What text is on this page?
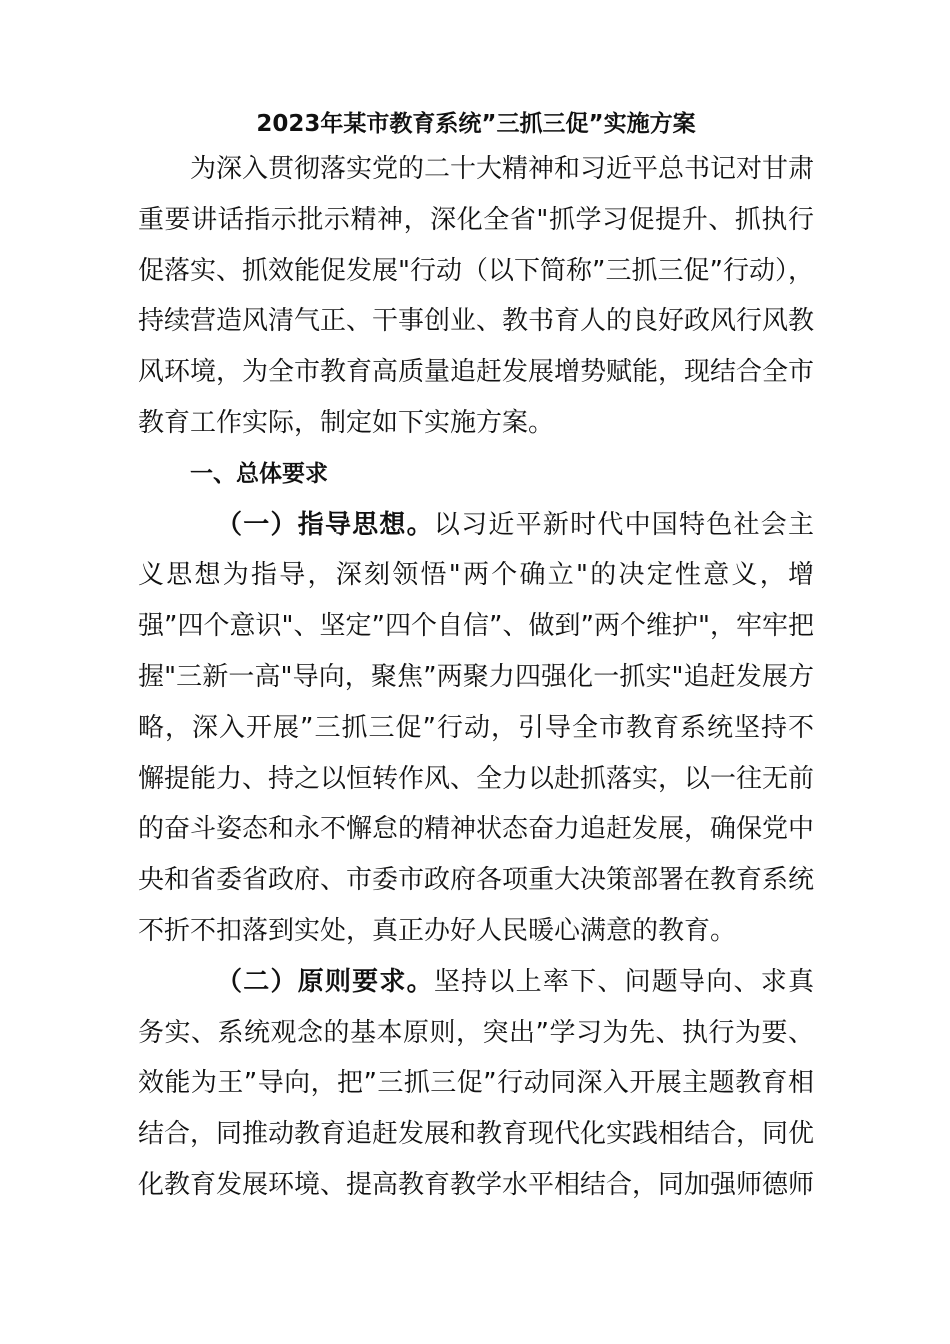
2023年某市教育系统”三抓三促”实施方案

为深入贯彻落实党的二十大精神和习近平总书记对甘肃重要讲话指示批示精神，深化全省"抓学习促提升、抓执行促落实、抓效能促发展"行动（以下简称”三抓三促”行动），持续营造风清气正、干事创业、教书育人的良好政风行风教风环境，为全市教育高质量追赶发展增势赋能，现结合全市教育工作实际，制定如下实施方案。

一、总体要求

（一）指导思想。以习近平新时代中国特色社会主义思想为指导，深刻领悟"两个确立"的决定性意义，增强”四个意识"、坚定”四个自信”、做到”两个维护"，牢牢把握"三新一高"导向，聚焦”两聚力四强化一抓实"追赶发展方略，深入开展”三抓三促”行动，引导全市教育系统坚持不懈提能力、持之以恒转作风、全力以赴抓落实，以一往无前的奋斗姿态和永不懈怠的精神状态奋力追赶发展，确保党中央和省委省政府、市委市政府各项重大决策部署在教育系统不折不扣落到实处，真正办好人民暖心满意的教育。

（二）原则要求。坚持以上率下、问题导向、求真务实、系统观念的基本原则，突出”学习为先、执行为要、效能为王”导向，把”三抓三促”行动同深入开展主题教育相结合，同推动教育追赶发展和教育现代化实践相结合，同优化教育发展环境、提高教育教学水平相结合，同加强师德师
